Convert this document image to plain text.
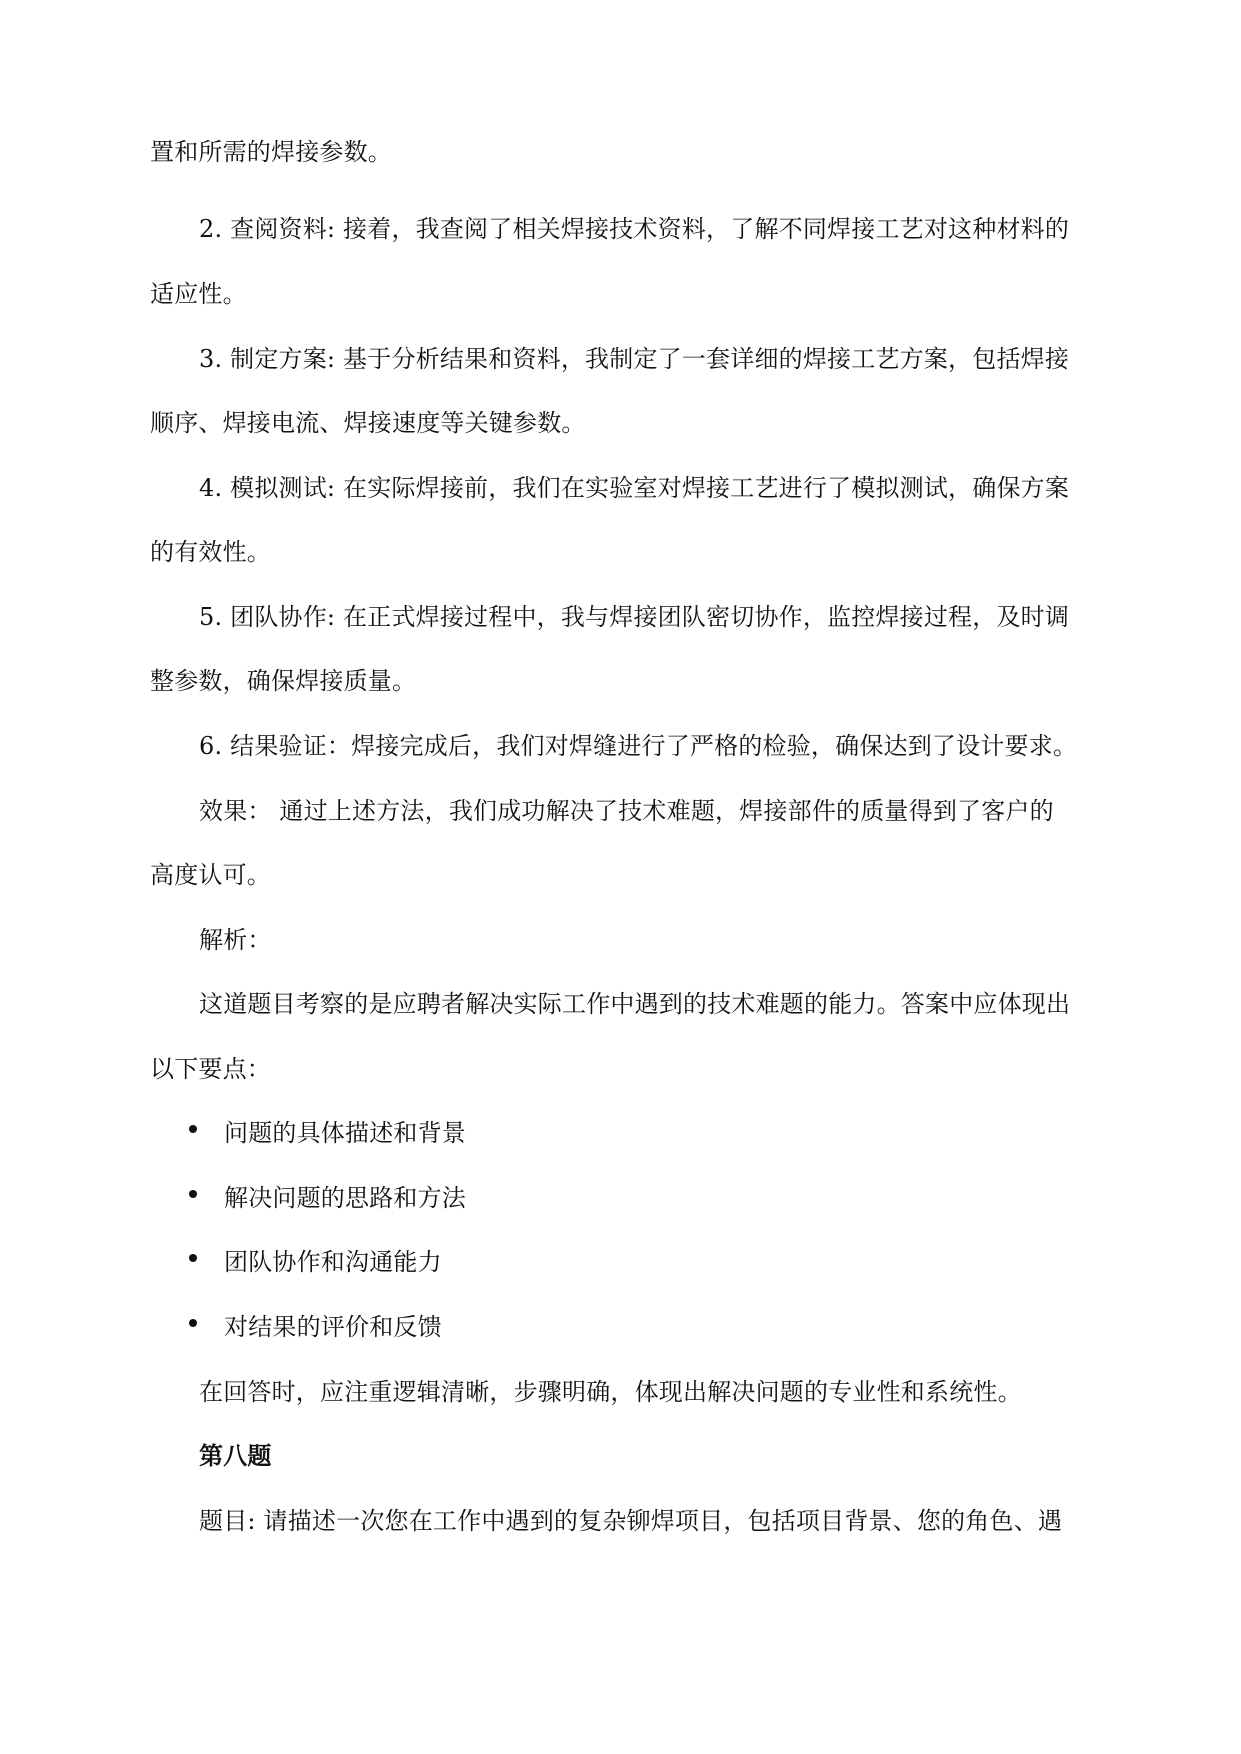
置和所需的焊接参数。
2. 查阅资料: 接着，我查阅了相关焊接技术资料，了解不同焊接工艺对这种材料的
适应性。
3. 制定方案: 基于分析结果和资料，我制定了一套详细的焊接工艺方案，包括焊接
顺序、焊接电流、焊接速度等关键参数。
4. 模拟测试: 在实际焊接前，我们在实验室对焊接工艺进行了模拟测试，确保方案
的有效性。
5. 团队协作: 在正式焊接过程中，我与焊接团队密切协作，监控焊接过程，及时调
整参数，确保焊接质量。
6. 结果验证：焊接完成后，我们对焊缝进行了严格的检验，确保达到了设计要求。
效果： 通过上述方法，我们成功解决了技术难题，焊接部件的质量得到了客户的
高度认可。
解析：
这道题目考察的是应聘者解决实际工作中遇到的技术难题的能力。答案中应体现出
以下要点：
问题的具体描述和背景
解决问题的思路和方法
团队协作和沟通能力
对结果的评价和反馈
在回答时，应注重逻辑清晰，步骤明确，体现出解决问题的专业性和系统性。
第八题
题目: 请描述一次您在工作中遇到的复杂铆焊项目，包括项目背景、您的角色、遇
